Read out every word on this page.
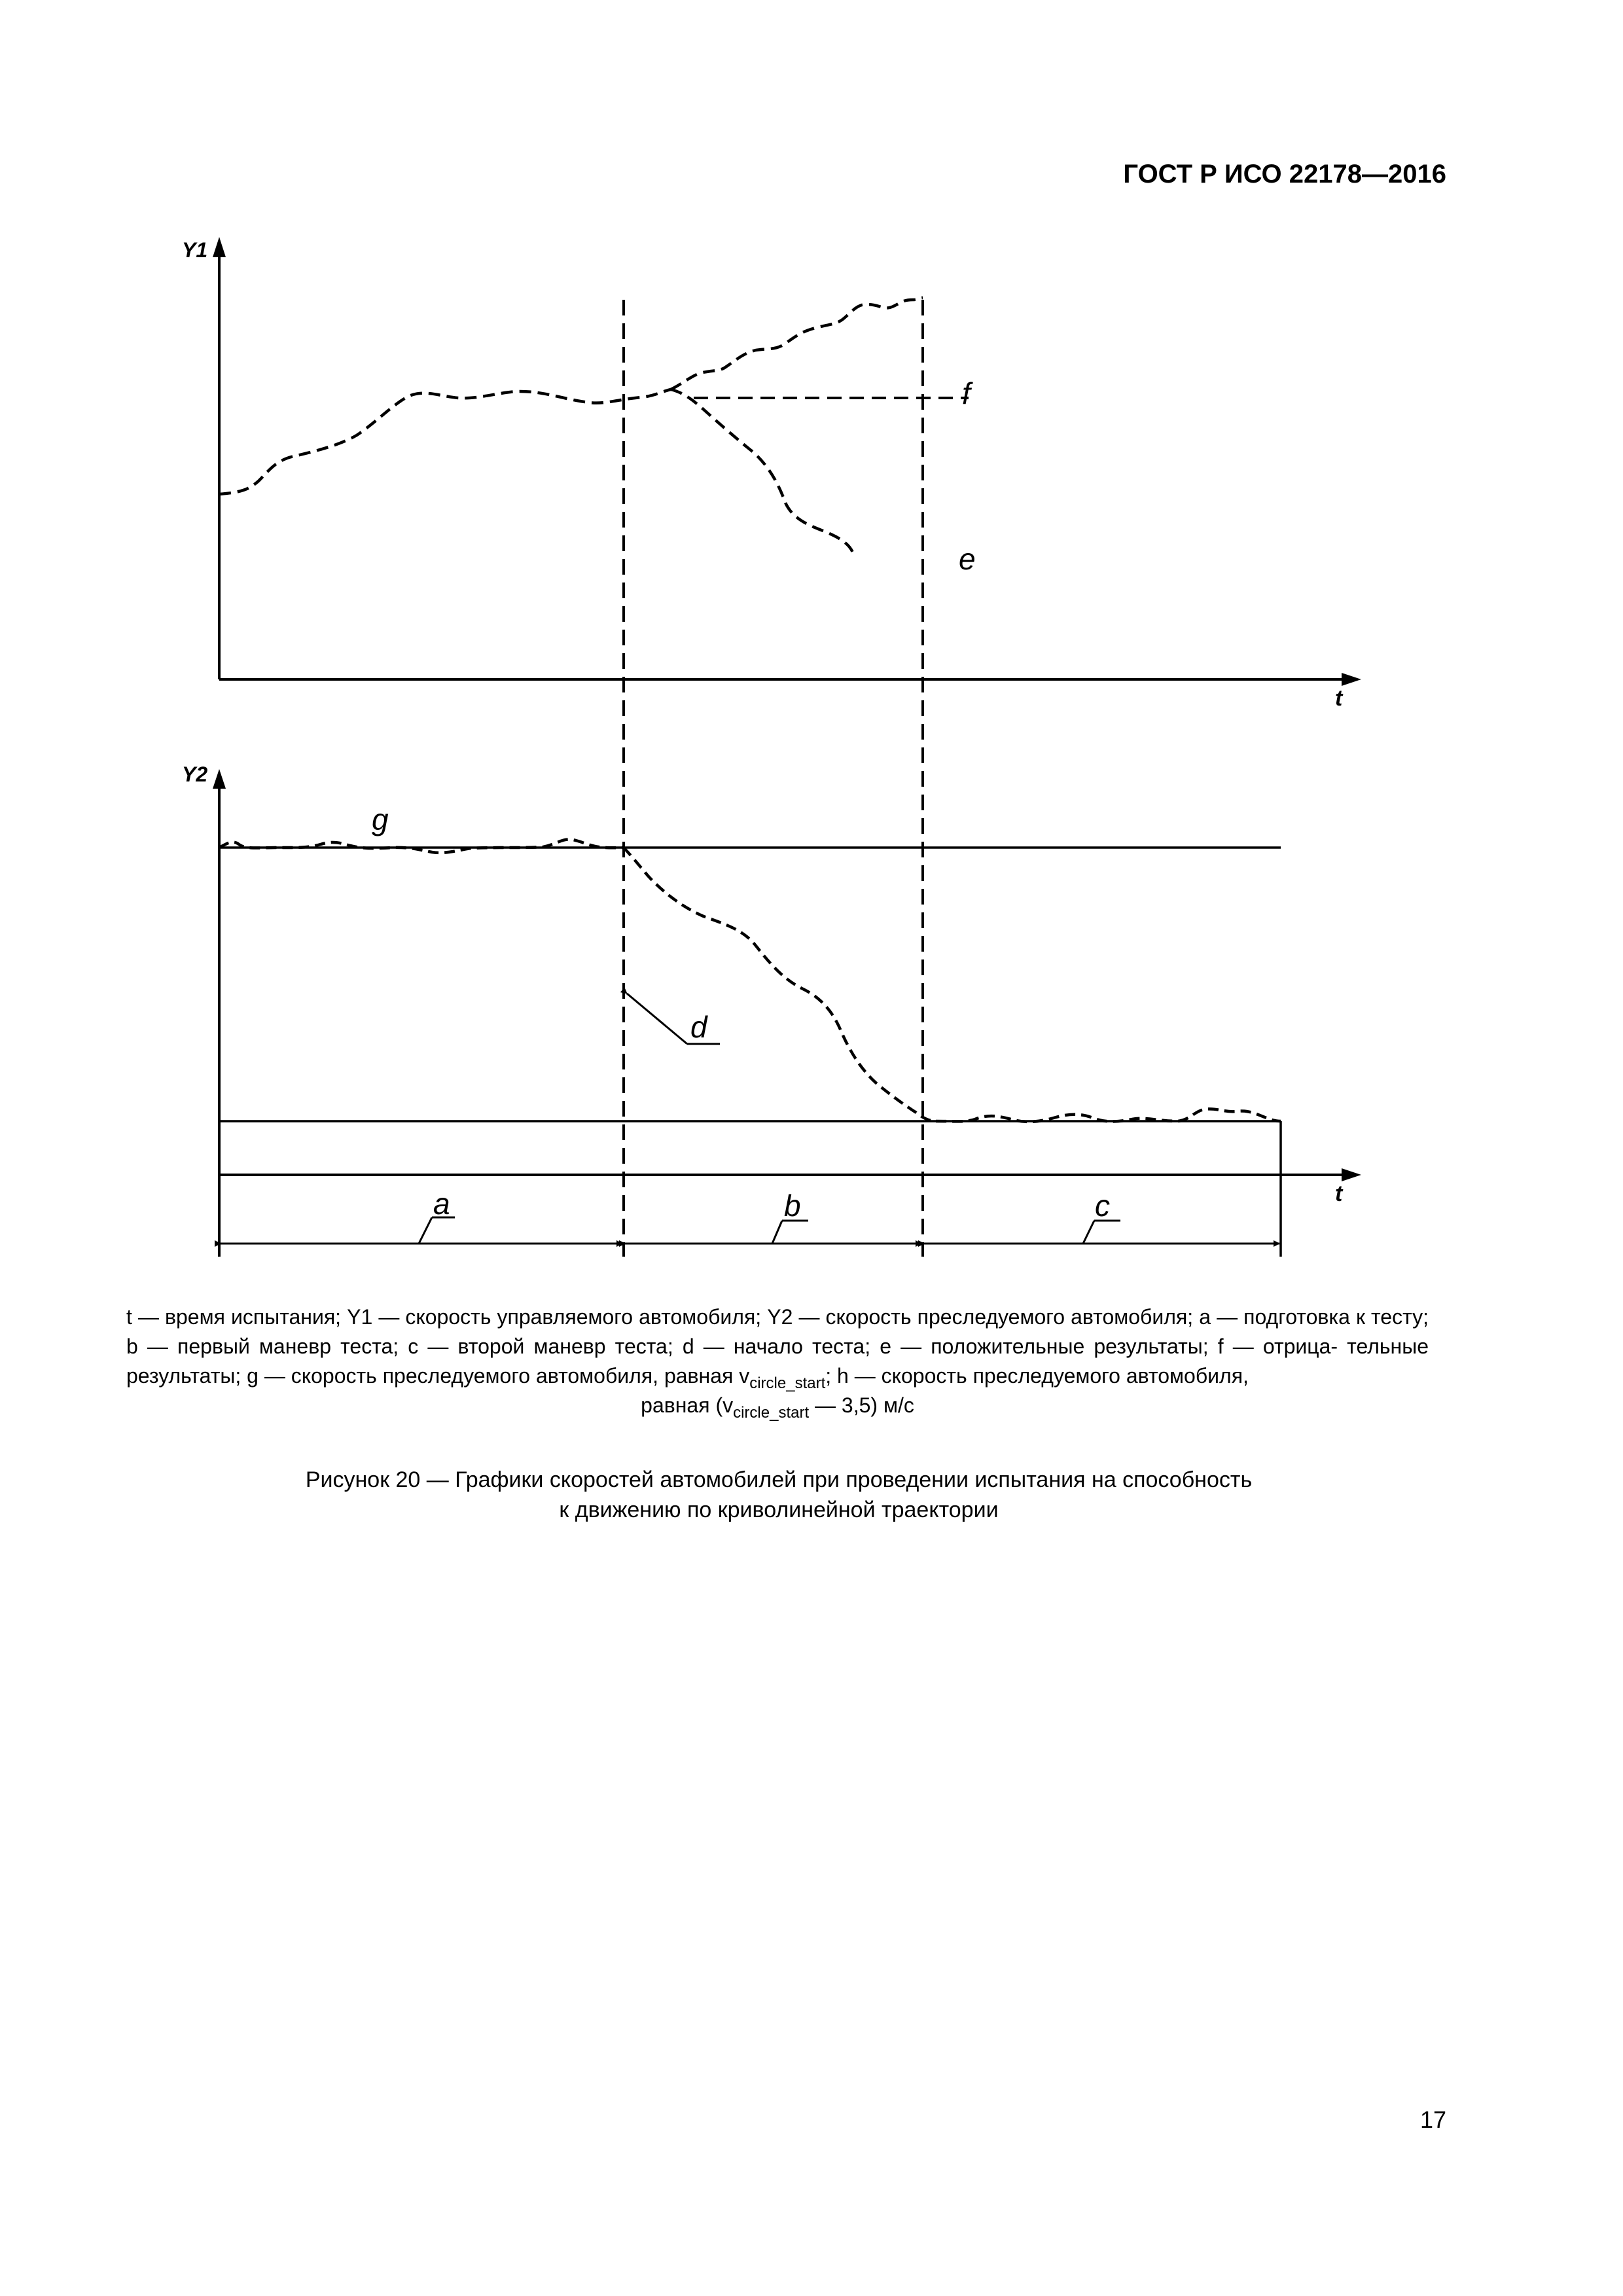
ГОСТ Р ИСО 22178—2016
Y1
Y2
t
t
f
e
g
d
a	b	c
t — время испытания; Y1 — скорость управляемого автомобиля; Y2 — скорость преследуемого автомобиля; a — подготовка к тесту; b — первый маневр теста; c — второй маневр теста; d — начало теста; e — положительные результаты; f — отрица- тельные результаты; g — скорость преследуемого автомобиля, равная $v_{circle\_start}$; h — скорость преследуемого автомобиля,
равная ($v_{circle\_start}$ — 3,5) м/с
Рисунок 20 — Графики скоростей автомобилей при проведении испытания на способность
к движению по криволинейной траектории
17
